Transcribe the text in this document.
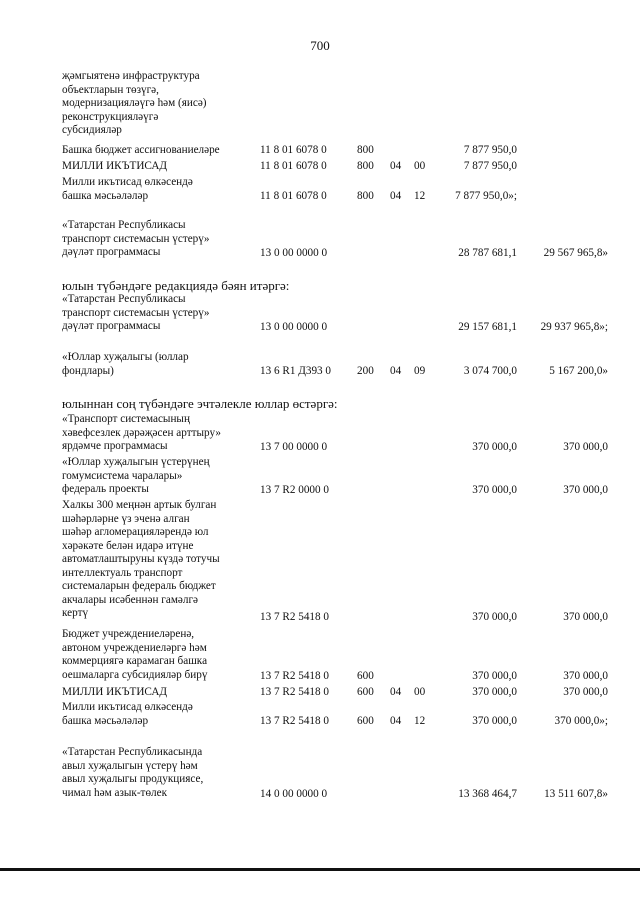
700
җәмгыятенә инфраструктура
объектларын төзүгә,
модернизацияләүгә һәм (яисә)
реконструкцияләүгә
субсидияләр
Башка бюджет ассигнованиеләре	11 8 01 6078 0	800	7 877 950,0
МИЛЛИ ИКЪТИСАД	11 8 01 6078 0	800	04	00	7 877 950,0
Милли икътисад өлкәсендә
башка мәсьәләләр	11 8 01 6078 0	800	04	12	7 877 950,0»;
«Татарстан Республикасы
транспорт системасын үстерү»
дәүләт программасы	13 0 00 0000 0	28 787 681,1	29 567 965,8»
юлын түбәндәге редакциядә бәян итәргә:
«Татарстан Республикасы
транспорт системасын үстерү»
дәүләт программасы	13 0 00 0000 0	29 157 681,1	29 937 965,8»;
«Юллар хуҗалыгы (юллар
фондлары)	13 6 R1 Д393 0	200	04	09	3 074 700,0	5 167 200,0»
юлыннан соң түбәндәге эчтәлекле юллар өстәргә:
«Транспорт системасының
хәвефсезлек дәрәҗәсен арттыру»
ярдәмче программасы	13 7 00 0000 0	370 000,0	370 000,0
«Юллар хуҗалыгын үстерүнең
гомумсистема чаралары»
федераль проекты	13 7 R2 0000 0	370 000,0	370 000,0
Халкы 300 меңнән артык булган
шәһәрләрне үз эченә алган
шәһәр агломерацияләрендә юл
хәрәкәте белән идарә итүне
автоматлаштыруны күздә тотучы
интеллектуаль транспорт
системаларын федераль бюджет
акчалары исәбеннән гамәлгә
кертү	13 7 R2 5418 0	370 000,0	370 000,0
Бюджет учреждениеләренә,
автоном учреждениеләргә һәм
коммерциягә карамаган башка
оешмаларга субсидияләр бирү	13 7 R2 5418 0	600	370 000,0	370 000,0
МИЛЛИ ИКЪТИСАД	13 7 R2 5418 0	600	04	00	370 000,0	370 000,0
Милли икътисад өлкәсендә
башка мәсьәләләр	13 7 R2 5418 0	600	04	12	370 000,0	370 000,0»;
«Татарстан Республикасында
авыл хуҗалыгын үстерү һәм
авыл хуҗалыгы продукциясе,
чимал һәм азык-төлек	14 0 00 0000 0	13 368 464,7	13 511 607,8»
